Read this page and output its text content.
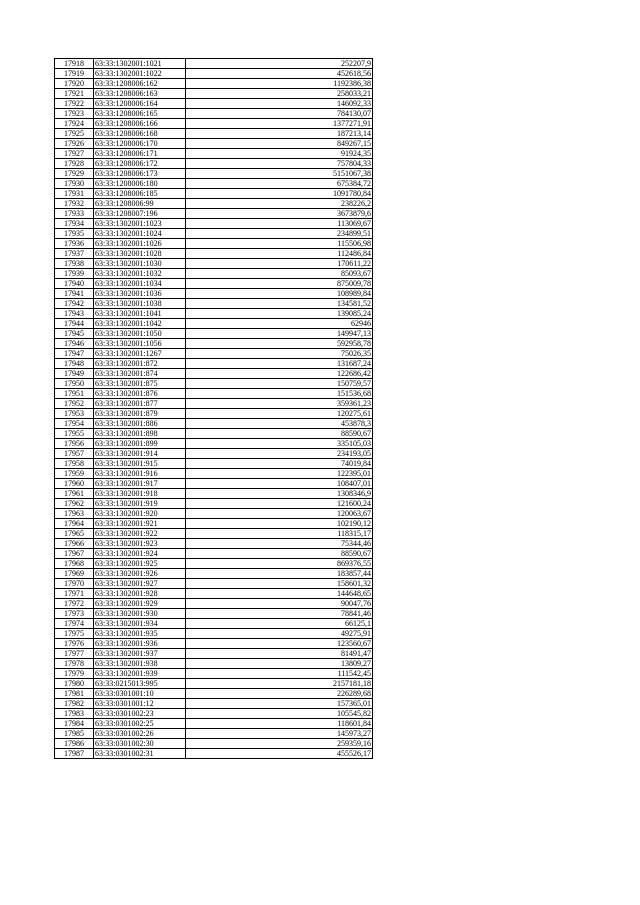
17918	63:33:1302001:1021	252207,9
17919	63:33:1302001:1022	452618,56
17920	63:33:1208006:162	1192386,38
17921	63:33:1208006:163	258033,21
17922	63:33:1208006:164	146092,33
17923	63:33:1208006:165	784130,07
17924	63:33:1208006:166	1377271,91
17925	63:33:1208006:168	187213,14
17926	63:33:1208006:170	849267,15
17927	63:33:1208006:171	91924,35
17928	63:33:1208006:172	757804,33
17929	63:33:1208006:173	5151067,38
17930	63:33:1208006:180	675384,72
17931	63:33:1208006:185	1091780,84
17932	63:33:1208006:99	238226,2
17933	63:33:1208007:196	3673879,6
17934	63:33:1302001:1023	113069,67
17935	63:33:1302001:1024	234899,51
17936	63:33:1302001:1026	115506,98
17937	63:33:1302001:1028	112486,84
17938	63:33:1302001:1030	170611,22
17939	63:33:1302001:1032	85093,67
17940	63:33:1302001:1034	875009,78
17941	63:33:1302001:1036	108989,84
17942	63:33:1302001:1038	134581,52
17943	63:33:1302001:1041	139085,24
17944	63:33:1302001:1042	62946
17945	63:33:1302001:1050	149947,13
17946	63:33:1302001:1056	592958,78
17947	63:33:1302001:1267	75026,35
17948	63:33:1302001:872	131687,24
17949	63:33:1302001:874	122686,42
17950	63:33:1302001:875	150759,57
17951	63:33:1302001:876	151536,68
17952	63:33:1302001:877	359361,23
17953	63:33:1302001:879	120275,61
17954	63:33:1302001:886	453878,3
17955	63:33:1302001:898	88590,67
17956	63:33:1302001:899	335105,03
17957	63:33:1302001:914	234193,05
17958	63:33:1302001:915	74019,84
17959	63:33:1302001:916	122395,01
17960	63:33:1302001:917	108407,01
17961	63:33:1302001:918	1308346,9
17962	63:33:1302001:919	121600,24
17963	63:33:1302001:920	120063,67
17964	63:33:1302001:921	102190,12
17965	63:33:1302001:922	118315,17
17966	63:33:1302001:923	75344,46
17967	63:33:1302001:924	88590,67
17968	63:33:1302001:925	869376,55
17969	63:33:1302001:926	183857,44
17970	63:33:1302001:927	158601,32
17971	63:33:1302001:928	144648,65
17972	63:33:1302001:929	90047,76
17973	63:33:1302001:930	78841,46
17974	63:33:1302001:934	66125,1
17975	63:33:1302001:935	49275,91
17976	63:33:1302001:936	123560,67
17977	63:33:1302001:937	81491,47
17978	63:33:1302001:938	13809,27
17979	63:33:1302001:939	111542,45
17980	63:33:0215013:995	2157181,18
17981	63:33:0301001:10	226289,68
17982	63:33:0301001:12	157365,01
17983	63:33:0301002:23	105545,82
17984	63:33:0301002:25	118601,84
17985	63:33:0301002:26	145973,27
17986	63:33:0301002:30	259359,16
17987	63:33:0301002:31	455526,17
